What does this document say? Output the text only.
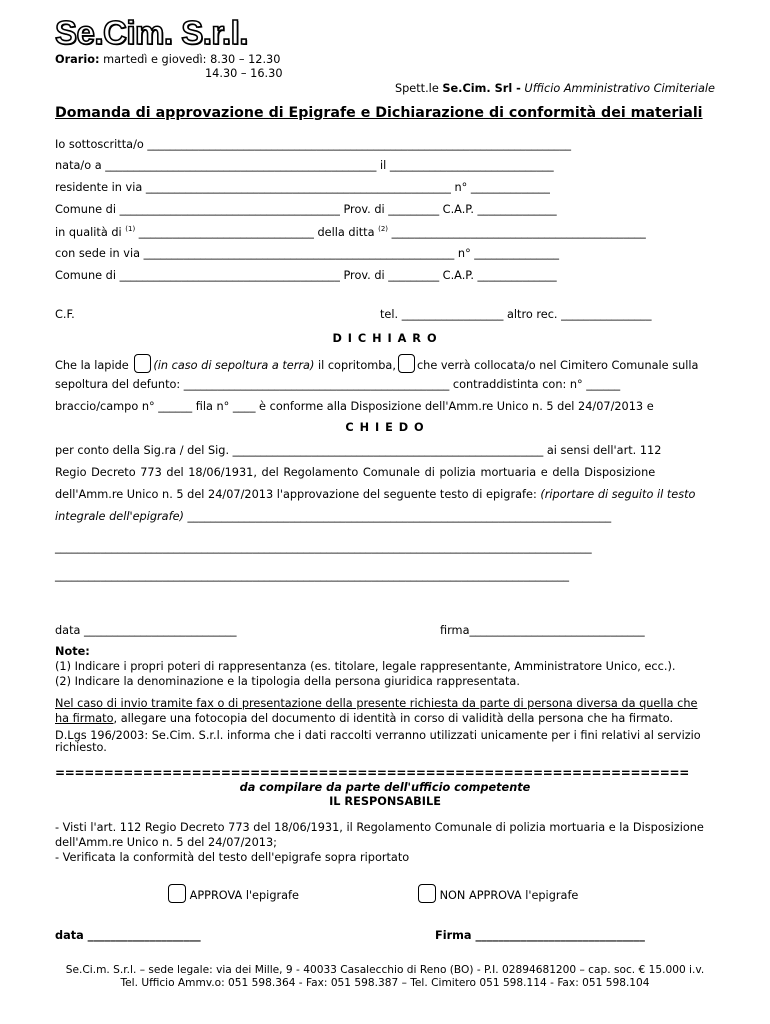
Se.Cim. S.r.l.
Orario: martedì e giovedì: 8.30 – 12.30
14.30 – 16.30
Spett.le Se.Cim. Srl - Ufficio Amministrativo Cimiteriale
Domanda di approvazione di Epigrafe e Dichiarazione di conformità dei materiali
Io sottoscritta/o ___________________________________________________________________________
nata/o a ________________________________________________ il _____________________________
residente in via ______________________________________________________ n° ______________
Comune di _______________________________________ Prov. di _________ C.A.P. ______________
in qualità di $^{(1)}$ _______________________________ della ditta $^{(2)}$ _____________________________________________
con sede in via _______________________________________________________ n° _______________
Comune di _______________________________________ Prov. di _________ C.A.P. ______________
C.F.	tel. __________________ altro rec. ________________
D I C H I A R O
Che la lapide (in caso di sepoltura a terra) il copritomba, che verrà collocata/o nel Cimitero Comunale sulla
sepoltura del defunto: _______________________________________________ contraddistinta con: n° ______
braccio/campo n° ______ fila n° ____ è conforme alla Disposizione dell'Amm.re Unico n. 5 del 24/07/2013 e
C H I E D O
per conto della Sig.ra / del Sig. _______________________________________________________ ai sensi dell'art. 112
Regio Decreto 773 del 18/06/1931, del Regolamento Comunale di polizia mortuaria e della Disposizione
dell'Amm.re Unico n. 5 del 24/07/2013 l'approvazione del seguente testo di epigrafe: (riportare di seguito il testo
integrale dell'epigrafe) ___________________________________________________________________________
_______________________________________________________________________________________________
___________________________________________________________________________________________
data ___________________________	firma_______________________________
Note:
(1) Indicare i propri poteri di rappresentanza (es. titolare, legale rappresentante, Amministratore Unico, ecc.).
(2) Indicare la denominazione e la tipologia della persona giuridica rappresentata.
Nel caso di invio tramite fax o di presentazione della presente richiesta da parte di persona diversa da quella che
ha firmato, allegare una fotocopia del documento di identità in corso di validità della persona che ha firmato.
D.Lgs 196/2003: Se.Cim. S.r.l. informa che i dati raccolti verranno utilizzati unicamente per i fini relativi al servizio
richiesto.
=================================================================
da compilare da parte dell'ufficio competente
IL RESPONSABILE
- Visti l'art. 112 Regio Decreto 773 del 18/06/1931, il Regolamento Comunale di polizia mortuaria e la Disposizione
dell'Amm.re Unico n. 5 del 24/07/2013;
- Verificata la conformità del testo dell'epigrafe sopra riportato
APPROVA l'epigrafe	NON APPROVA l'epigrafe
data ____________________	Firma ______________________________
Se.Ci.m. S.r.l. – sede legale: via dei Mille, 9 - 40033 Casalecchio di Reno (BO) - P.I. 02894681200 – cap. soc. € 15.000 i.v.
Tel. Ufficio Ammv.o: 051 598.364 - Fax: 051 598.387 – Tel. Cimitero 051 598.114 - Fax: 051 598.104
